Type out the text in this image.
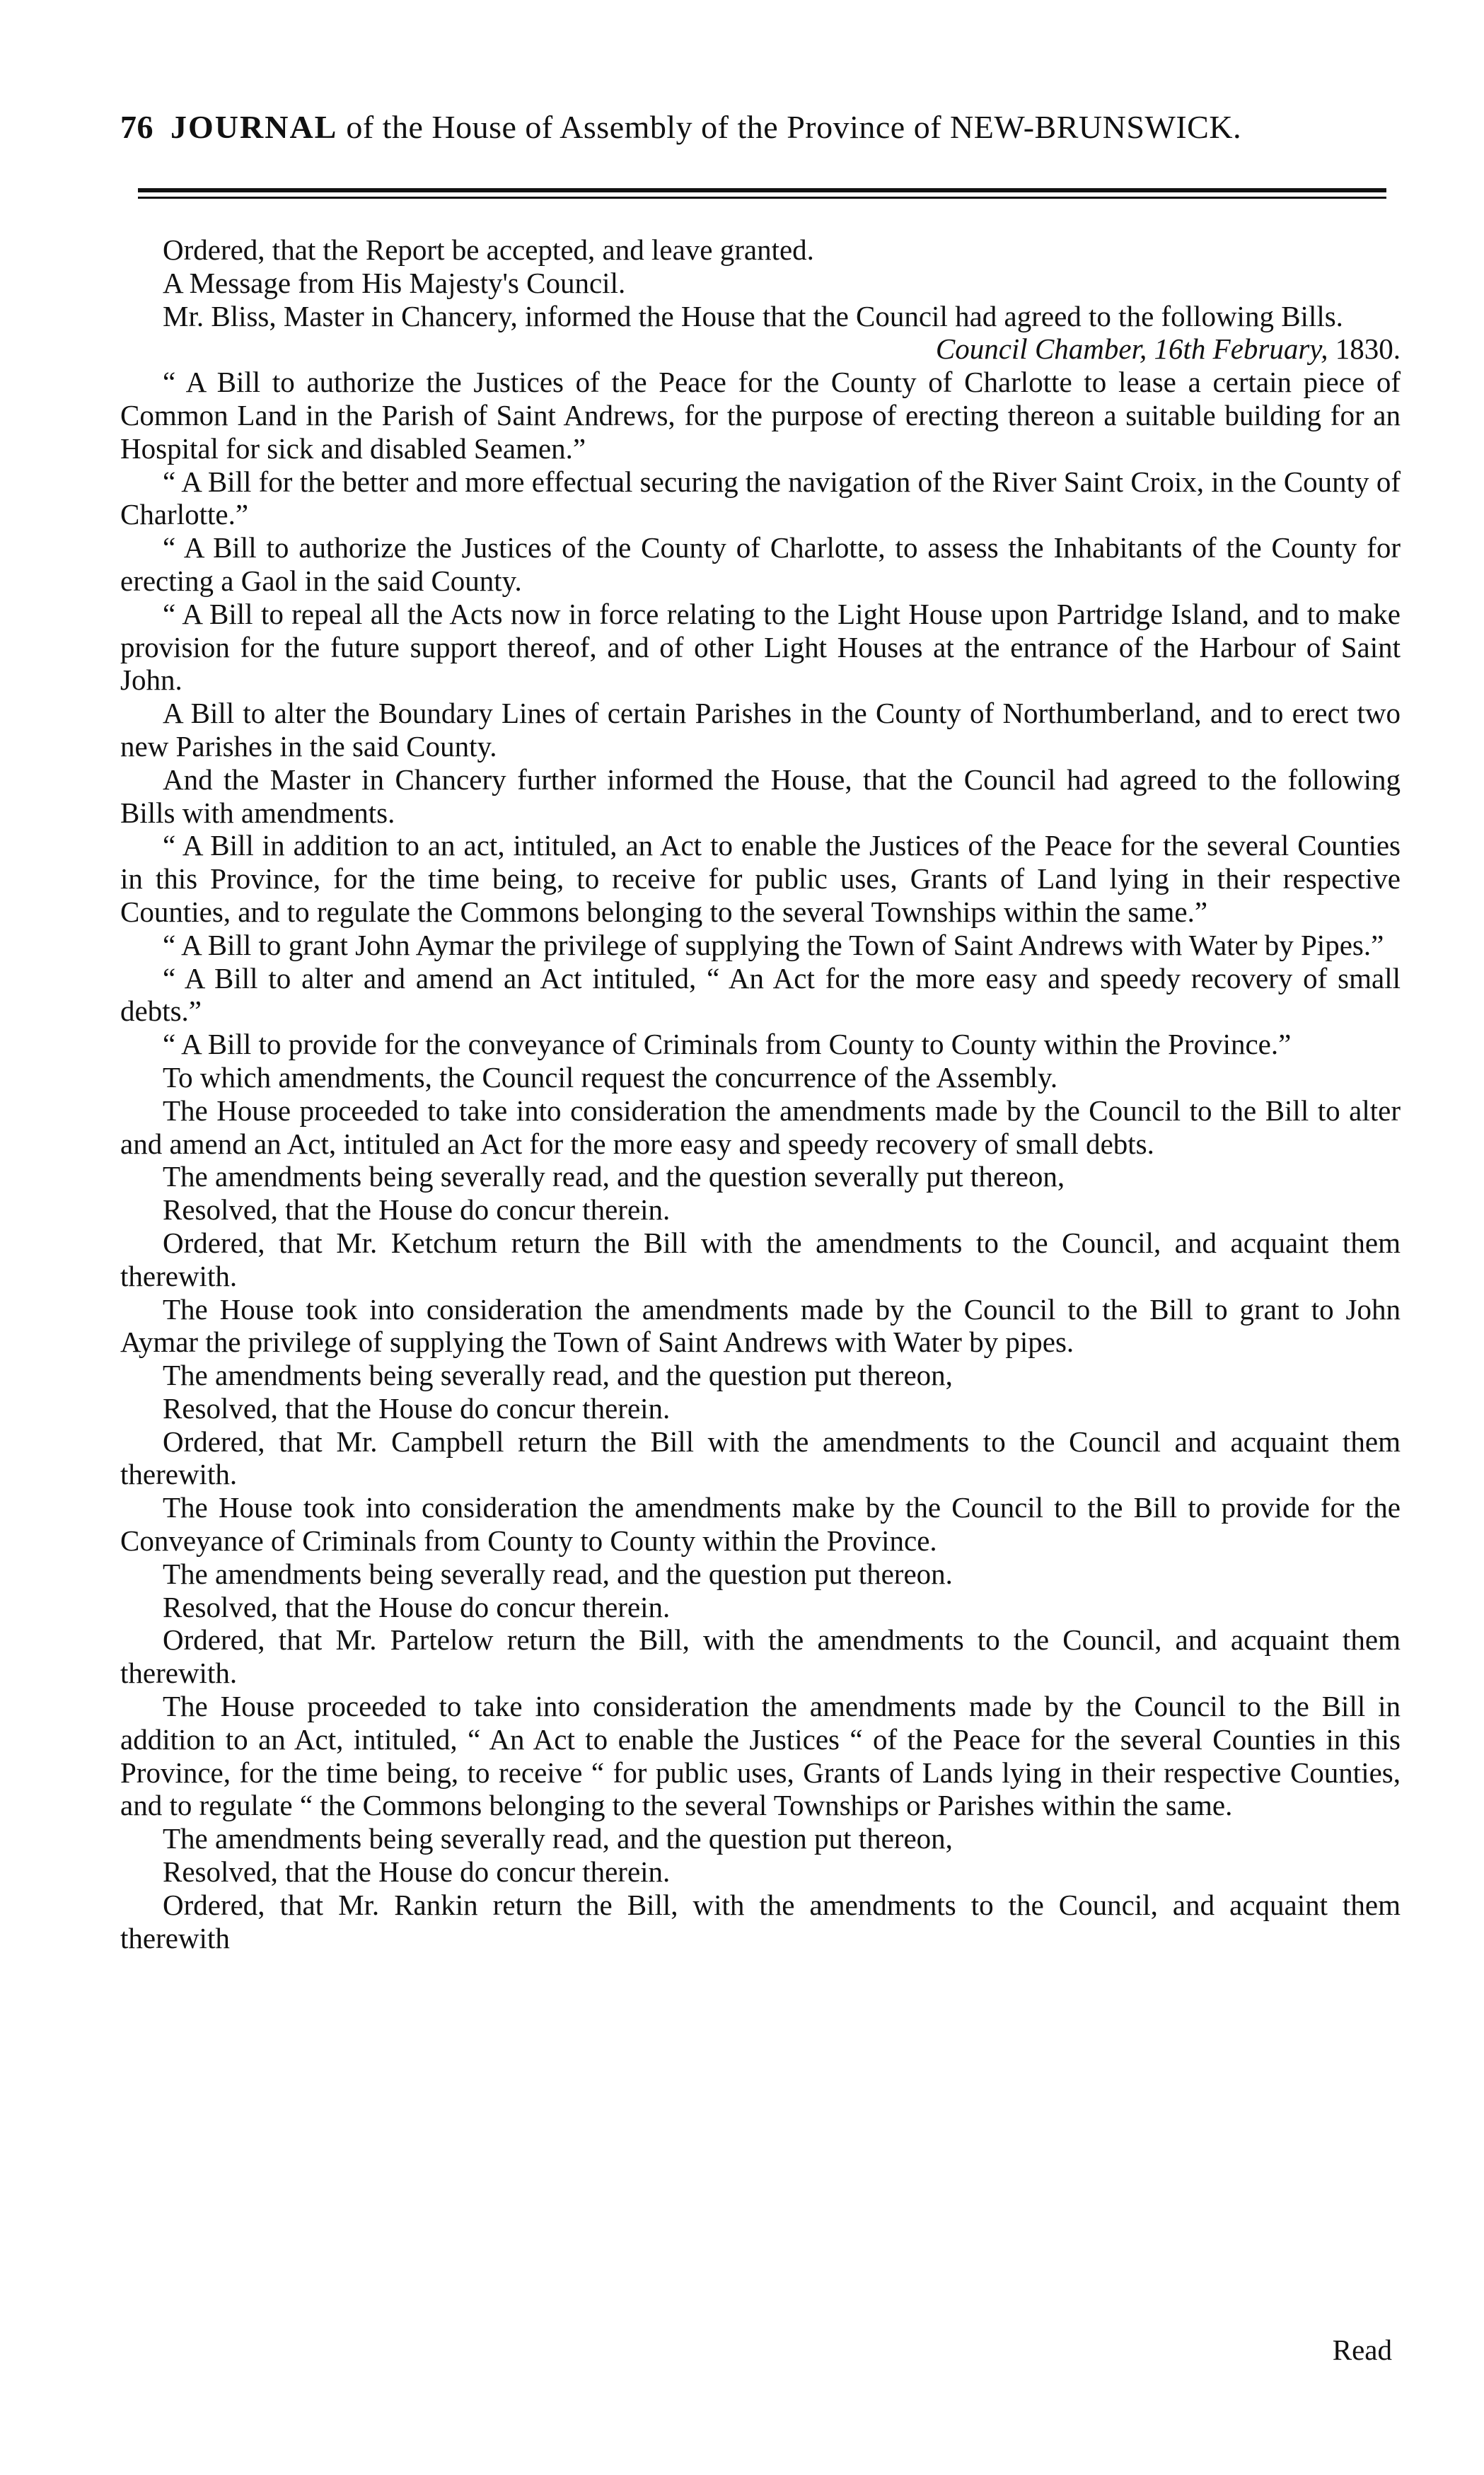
76 JOURNAL of the House of Assembly of the Province of NEW-BRUNSWICK.

Ordered, that the Report be accepted, and leave granted.

A Message from His Majesty's Council.

Mr. Bliss, Master in Chancery, informed the House that the Council had agreed to the following Bills.

Council Chamber, 16th February, 1830.

“ A Bill to authorize the Justices of the Peace for the County of Charlotte to lease a certain piece of Common Land in the Parish of Saint Andrews, for the purpose of erecting thereon a suitable building for an Hospital for sick and disabled Seamen.”

“ A Bill for the better and more effectual securing the navigation of the River Saint Croix, in the County of Charlotte.”

“ A Bill to authorize the Justices of the County of Charlotte, to assess the Inhabitants of the County for erecting a Gaol in the said County.

“ A Bill to repeal all the Acts now in force relating to the Light House upon Partridge Island, and to make provision for the future support thereof, and of other Light Houses at the entrance of the Harbour of Saint John.

A Bill to alter the Boundary Lines of certain Parishes in the County of Northumberland, and to erect two new Parishes in the said County.

And the Master in Chancery further informed the House, that the Council had agreed to the following Bills with amendments.

“ A Bill in addition to an act, intituled, an Act to enable the Justices of the Peace for the several Counties in this Province, for the time being, to receive for public uses, Grants of Land lying in their respective Counties, and to regulate the Commons belonging to the several Townships within the same.”

“ A Bill to grant John Aymar the privilege of supplying the Town of Saint Andrews with Water by Pipes.”

“ A Bill to alter and amend an Act intituled, “ An Act for the more easy and speedy recovery of small debts.”

“ A Bill to provide for the conveyance of Criminals from County to County within the Province.”

To which amendments, the Council request the concurrence of the Assembly.

The House proceeded to take into consideration the amendments made by the Council to the Bill to alter and amend an Act, intituled an Act for the more easy and speedy recovery of small debts.

The amendments being severally read, and the question severally put thereon,

Resolved, that the House do concur therein.

Ordered, that Mr. Ketchum return the Bill with the amendments to the Council, and acquaint them therewith.

The House took into consideration the amendments made by the Council to the Bill to grant to John Aymar the privilege of supplying the Town of Saint Andrews with Water by pipes.

The amendments being severally read, and the question put thereon,

Resolved, that the House do concur therein.

Ordered, that Mr. Campbell return the Bill with the amendments to the Council and acquaint them therewith.

The House took into consideration the amendments make by the Council to the Bill to provide for the Conveyance of Criminals from County to County within the Province.

The amendments being severally read, and the question put thereon.

Resolved, that the House do concur therein.

Ordered, that Mr. Partelow return the Bill, with the amendments to the Council, and acquaint them therewith.

The House proceeded to take into consideration the amendments made by the Council to the Bill in addition to an Act, intituled, “ An Act to enable the Justices “ of the Peace for the several Counties in this Province, for the time being, to receive “ for public uses, Grants of Lands lying in their respective Counties, and to regulate “ the Commons belonging to the several Townships or Parishes within the same.

The amendments being severally read, and the question put thereon,

Resolved, that the House do concur therein.

Ordered, that Mr. Rankin return the Bill, with the amendments to the Council, and acquaint them therewith

Read
